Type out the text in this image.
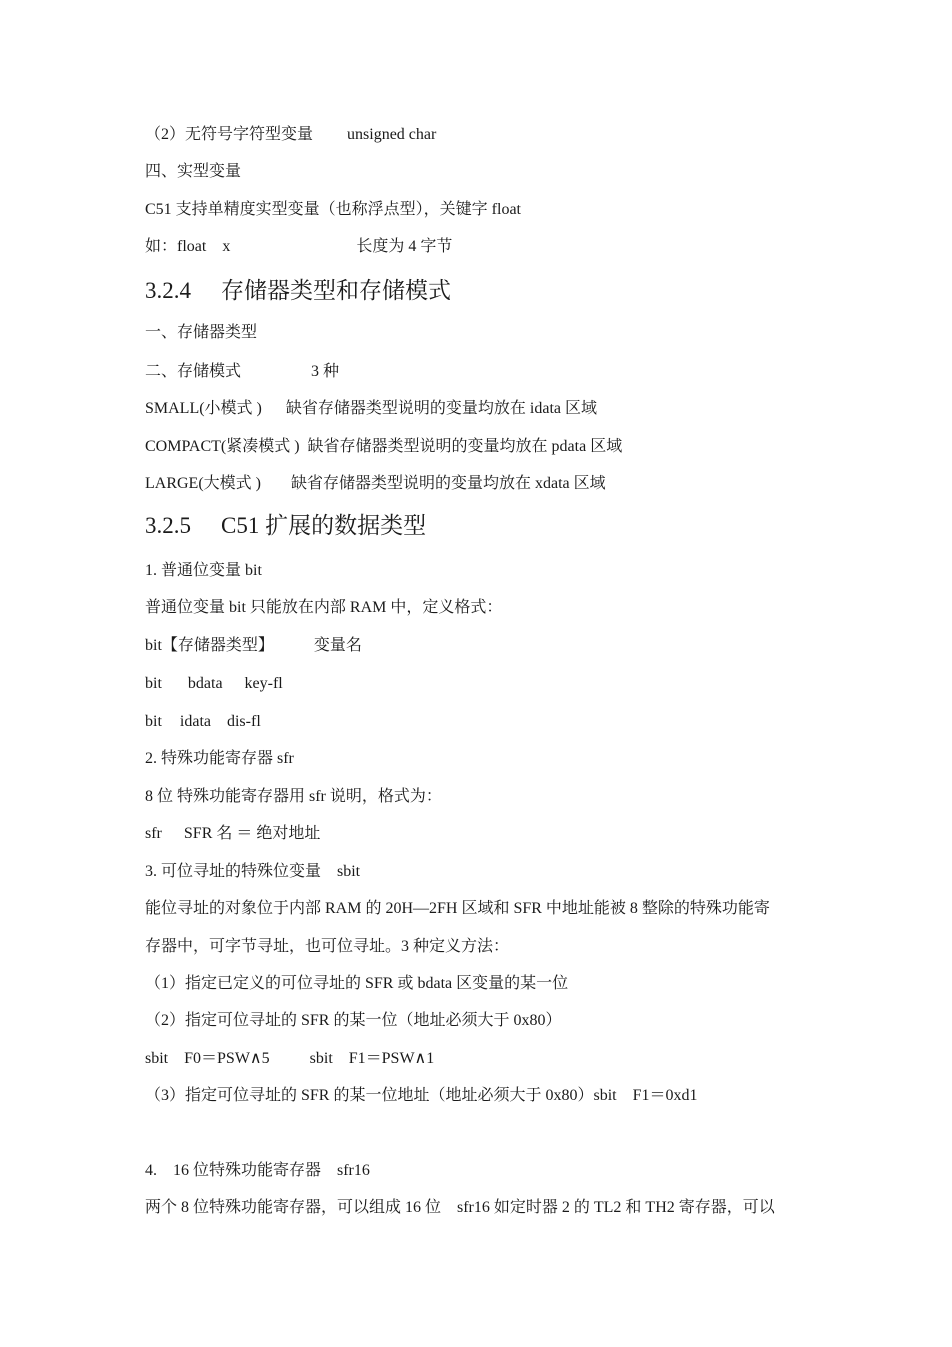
（2）无符号字符型变量 unsigned char
四、实型变量
C51 支持单精度实型变量（也称浮点型），关键字 float
如：float　x	长度为 4 字节
3.2.4 存储器类型和存储模式
一、存储器类型
二、存储模式	3 种
SMALL(小模式 ) 缺省存储器类型说明的变量均放在 idata 区域
COMPACT(紧凑模式 ) 缺省存储器类型说明的变量均放在 pdata 区域
LARGE(大模式 ) 缺省存储器类型说明的变量均放在 xdata 区域
3.2.5 C51 扩展的数据类型
1. 普通位变量 bit
普通位变量 bit 只能放在内部 RAM 中，定义格式：
bit【存储器类型】	变量名
bit bdata key-fl
bit idata dis-fl
2. 特殊功能寄存器 sfr
8 位 特殊功能寄存器用 sfr 说明，格式为：
sfr SFR 名 ＝ 绝对地址
3. 可位寻址的特殊位变量　sbit
能位寻址的对象位于内部 RAM 的 20H—2FH 区域和 SFR 中地址能被 8 整除的特殊功能寄
存器中，可字节寻址，也可位寻址。3 种定义方法：
（1）指定已定义的可位寻址的 SFR 或 bdata 区变量的某一位
（2）指定可位寻址的 SFR 的某一位（地址必须大于 0x80）
sbit　F0＝PSW∧5	sbit　F1＝PSW∧1
（3）指定可位寻址的 SFR 的某一位地址（地址必须大于 0x80）sbit　F1＝0xd1
4.　16 位特殊功能寄存器　sfr16
两个 8 位特殊功能寄存器，可以组成 16 位　sfr16 如定时器 2 的 TL2 和 TH2 寄存器，可以
